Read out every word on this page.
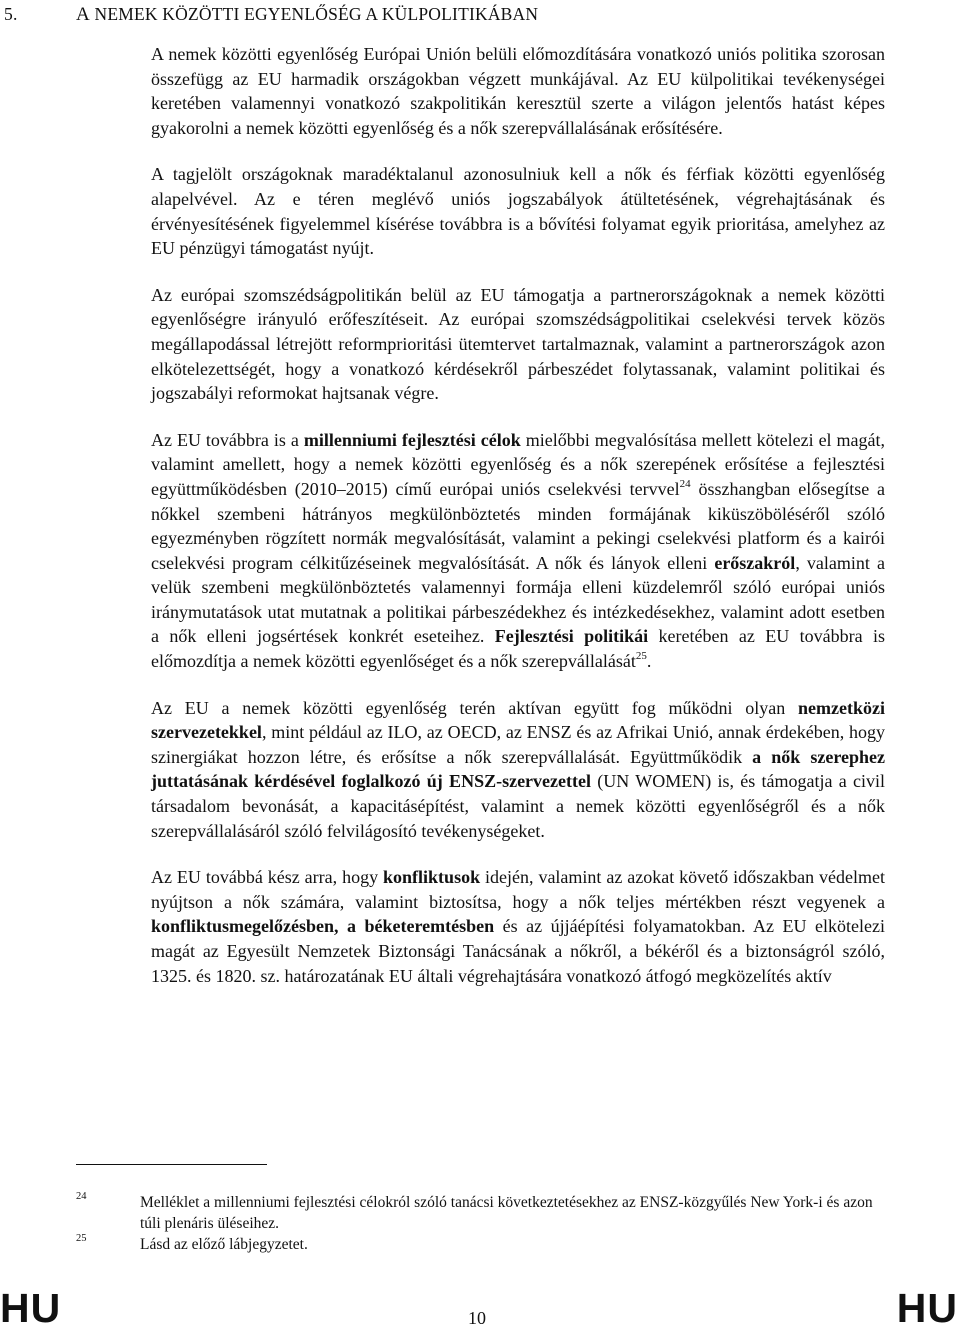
5.	A NEMEK KÖZÖTTI EGYENLŐSÉG A KÜLPOLITIKÁBAN

A nemek közötti egyenlőség Európai Unión belüli előmozdítására vonatkozó uniós politika szorosan összefügg az EU harmadik országokban végzett munkájával. Az EU külpolitikai tevékenységei keretében valamennyi vonatkozó szakpolitikán keresztül szerte a világon jelentős hatást képes gyakorolni a nemek közötti egyenlőség és a nők szerepvállalásának erősítésére.

A tagjelölt országoknak maradéktalanul azonosulniuk kell a nők és férfiak közötti egyenlőség alapelvével. Az e téren meglévő uniós jogszabályok átültetésének, végrehajtásának és érvényesítésének figyelemmel kísérése továbbra is a bővítési folyamat egyik prioritása, amelyhez az EU pénzügyi támogatást nyújt.

Az európai szomszédságpolitikán belül az EU támogatja a partnerországoknak a nemek közötti egyenlőségre irányuló erőfeszítéseit. Az európai szomszédságpolitikai cselekvési tervek közös megállapodással létrejött reformprioritási ütemtervet tartalmaznak, valamint a partnerországok azon elkötelezettségét, hogy a vonatkozó kérdésekről párbeszédet folytassanak, valamint politikai és jogszabályi reformokat hajtsanak végre.

Az EU továbbra is a millenniumi fejlesztési célok mielőbbi megvalósítása mellett kötelezi el magát, valamint amellett, hogy a nemek közötti egyenlőség és a nők szerepének erősítése a fejlesztési együttműködésben (2010–2015) című európai uniós cselekvési tervvel$^{24}$ összhangban elősegítse a nőkkel szembeni hátrányos megkülönböztetés minden formájának kiküszöböléséről szóló egyezményben rögzített normák megvalósítását, valamint a pekingi cselekvési platform és a kairói cselekvési program célkitűzéseinek megvalósítását. A nők és lányok elleni erőszakról, valamint a velük szembeni megkülönböztetés valamennyi formája elleni küzdelemről szóló európai uniós iránymutatások utat mutatnak a politikai párbeszédekhez és intézkedésekhez, valamint adott esetben a nők elleni jogsértések konkrét eseteihez. Fejlesztési politikái keretében az EU továbbra is előmozdítja a nemek közötti egyenlőséget és a nők szerepvállalását$^{25}$.

Az EU a nemek közötti egyenlőség terén aktívan együtt fog működni olyan nemzetközi szervezetekkel, mint például az ILO, az OECD, az ENSZ és az Afrikai Unió, annak érdekében, hogy szinergiákat hozzon létre, és erősítse a nők szerepvállalását. Együttműködik a nők szerephez juttatásának kérdésével foglalkozó új ENSZ-szervezettel (UN WOMEN) is, és támogatja a civil társadalom bevonását, a kapacitásépítést, valamint a nemek közötti egyenlőségről és a nők szerepvállalásáról szóló felvilágosító tevékenységeket.

Az EU továbbá kész arra, hogy konfliktusok idején, valamint az azokat követő időszakban védelmet nyújtson a nők számára, valamint biztosítsa, hogy a nők teljes mértékben részt vegyenek a konfliktusmegelőzésben, a béketeremtésben és az újjáépítési folyamatokban. Az EU elkötelezi magát az Egyesült Nemzetek Biztonsági Tanácsának a nőkről, a békéről és a biztonságról szóló, 1325. és 1820. sz. határozatának EU általi végrehajtására vonatkozó átfogó megközelítés aktív

24	Melléklet a millenniumi fejlesztési célokról szóló tanácsi következtetésekhez az ENSZ-közgyűlés New York-i és azon túli plenáris üléseihez.
25	Lásd az előző lábjegyzetet.
HU	10	HU
